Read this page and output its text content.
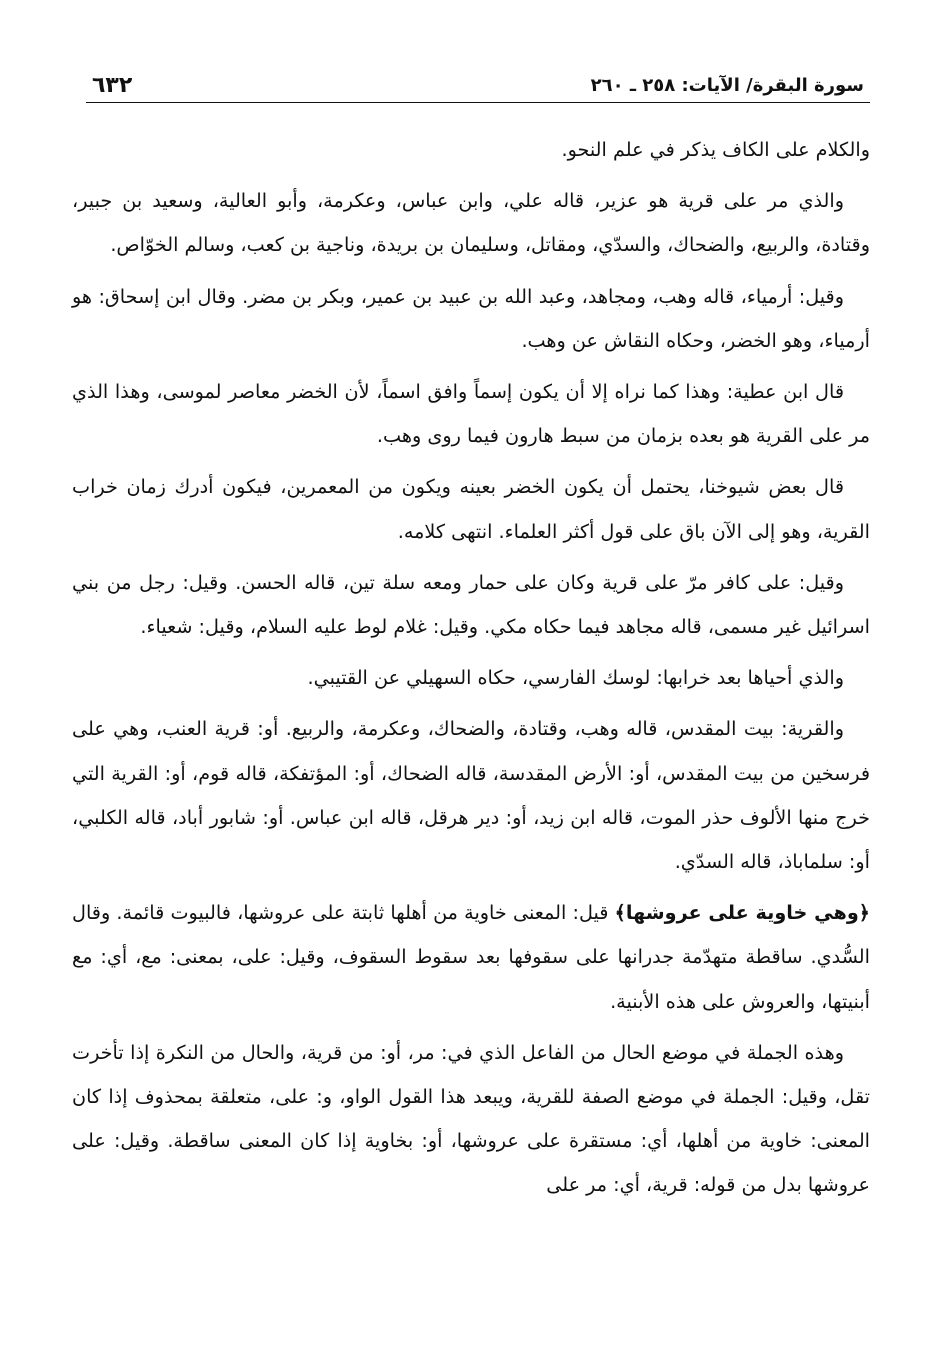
سورة البقرة/ الآيات: ٢٥٨ ـ ٢٦٠
٦٣٢

والكلام على الكاف يذكر في علم النحو.

والذي مر على قرية هو عزير، قاله علي، وابن عباس، وعكرمة، وأبو العالية، وسعيد بن جبير، وقتادة، والربيع، والضحاك، والسدّي، ومقاتل، وسليمان بن بريدة، وناجية بن كعب، وسالم الخوّاص.

وقيل: أرمياء، قاله وهب، ومجاهد، وعبد الله بن عبيد بن عمير، وبكر بن مضر. وقال ابن إسحاق: هو أرمياء، وهو الخضر، وحكاه النقاش عن وهب.

قال ابن عطية: وهذا كما نراه إلا أن يكون إسماً وافق اسماً، لأن الخضر معاصر لموسى، وهذا الذي مر على القرية هو بعده بزمان من سبط هارون فيما روى وهب.

قال بعض شيوخنا، يحتمل أن يكون الخضر بعينه ويكون من المعمرين، فيكون أدرك زمان خراب القرية، وهو إلى الآن باق على قول أكثر العلماء. انتهى كلامه.

وقيل: على كافر مرّ على قرية وكان على حمار ومعه سلة تين، قاله الحسن. وقيل: رجل من بني اسرائيل غير مسمى، قاله مجاهد فيما حكاه مكي. وقيل: غلام لوط عليه السلام، وقيل: شعياء.

والذي أحياها بعد خرابها: لوسك الفارسي، حكاه السهيلي عن القتيبي.

والقرية: بيت المقدس، قاله وهب، وقتادة، والضحاك، وعكرمة، والربيع. أو: قرية العنب، وهي على فرسخين من بيت المقدس، أو: الأرض المقدسة، قاله الضحاك، أو: المؤتفكة، قاله قوم، أو: القرية التي خرج منها الألوف حذر الموت، قاله ابن زيد، أو: دير هرقل، قاله ابن عباس. أو: شابور أباد، قاله الكلبي، أو: سلماباذ، قاله السدّي.

﴿وهي خاوية على عروشها﴾ قيل: المعنى خاوية من أهلها ثابتة على عروشها، فالبيوت قائمة. وقال السُّدي. ساقطة متهدّمة جدرانها على سقوفها بعد سقوط السقوف، وقيل: على، بمعنى: مع، أي: مع أبنيتها، والعروش على هذه الأبنية.

وهذه الجملة في موضع الحال من الفاعل الذي في: مر، أو: من قرية، والحال من النكرة إذا تأخرت تقل، وقيل: الجملة في موضع الصفة للقرية، ويبعد هذا القول الواو، و: على، متعلقة بمحذوف إذا كان المعنى: خاوية من أهلها، أي: مستقرة على عروشها، أو: بخاوية إذا كان المعنى ساقطة. وقيل: على عروشها بدل من قوله: قرية، أي: مر على
